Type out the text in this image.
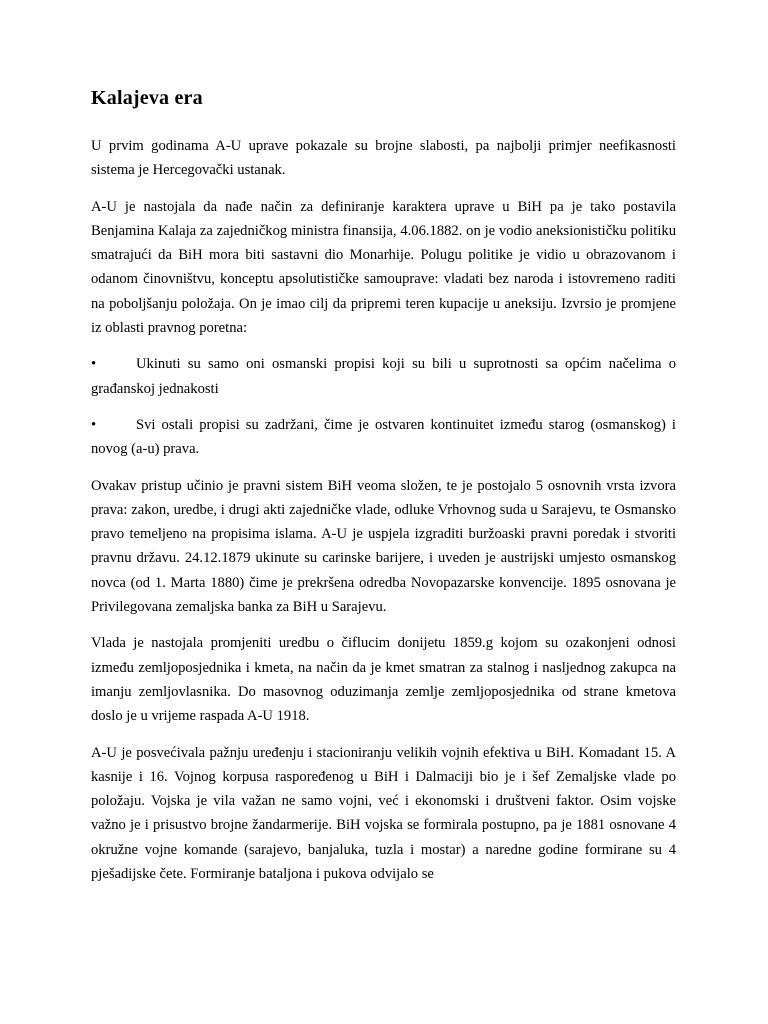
Kalajeva era

U prvim godinama A-U uprave pokazale su brojne slabosti, pa najbolji primjer neefikasnosti sistema je Hercegovački ustanak.

A-U je nastojala da nađe način za definiranje karaktera uprave u BiH pa je tako postavila Benjamina Kalaja za zajedničkog ministra finansija, 4.06.1882. on je vodio aneksionističku politiku smatrajući da BiH mora biti sastavni dio Monarhije. Polugu politike je vidio u obrazovanom i odanom činovništvu, konceptu apsolutističke samouprave: vladati bez naroda i istovremeno raditi na poboljšanju položaja. On je imao cilj da pripremi teren kupacije u aneksiju. Izvrsio je promjene iz oblasti pravnog poretna:

•	Ukinuti su samo oni osmanski propisi koji su bili u suprotnosti sa općim načelima o građanskoj jednakosti

•	Svi ostali propisi su zadržani, čime je ostvaren kontinuitet između starog (osmanskog) i novog (a-u) prava.

Ovakav pristup učinio je pravni sistem BiH veoma složen, te je postojalo 5 osnovnih vrsta izvora prava: zakon, uredbe, i drugi akti zajedničke vlade, odluke Vrhovnog suda u Sarajevu, te Osmansko pravo temeljeno na propisima islama. A-U je uspjela izgraditi buržoaski pravni poredak i stvoriti pravnu državu. 24.12.1879 ukinute su carinske barijere, i uveden je austrijski umjesto osmanskog novca (od 1. Marta 1880) čime je prekršena odredba Novopazarske konvencije. 1895 osnovana je Privilegovana zemaljska banka za BiH u Sarajevu.

Vlada je nastojala promjeniti uredbu o čiflucim donijetu 1859.g kojom su ozakonjeni odnosi između zemljoposjednika i kmeta, na način da je kmet smatran za stalnog i nasljednog zakupca na imanju zemljovlasnika. Do masovnog oduzimanja zemlje zemljoposjednika od strane kmetova doslo je u vrijeme raspada A-U 1918.

A-U je posvećivala pažnju uređenju i stacioniranju velikih vojnih efektiva u BiH. Komadant 15. A kasnije i 16. Vojnog korpusa raspoređenog u BiH i Dalmaciji bio je i šef Zemaljske vlade po položaju. Vojska je vila važan ne samo vojni, već i ekonomski i društveni faktor. Osim vojske važno je i prisustvo brojne žandarmerije. BiH vojska se formirala postupno, pa je 1881 osnovane 4 okružne vojne komande (sarajevo, banjaluka, tuzla i mostar) a naredne godine formirane su 4 pješadijske čete. Formiranje bataljona i pukova odvijalo se
